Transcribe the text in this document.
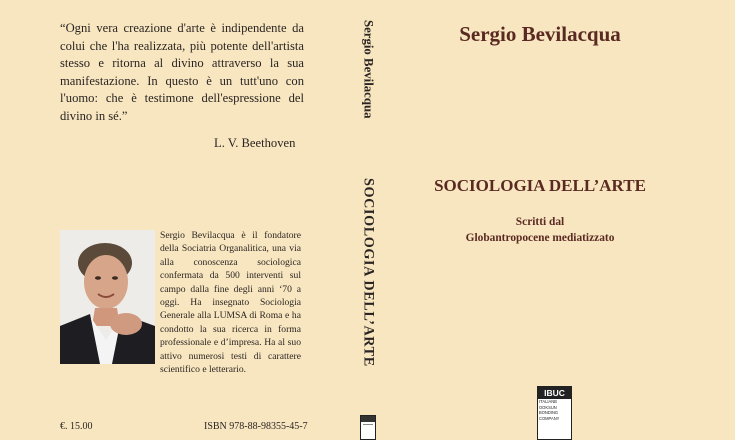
“Ogni vera creazione d'arte è indipendente da colui che l'ha realizzata, più potente dell'artista stesso e ritorna al divino attraverso la sua manifestazione. In questo è un tutt'uno con l'uomo: che è testimone dell'espressione del divino in sé.”
L. V. Beethoven
Sergio Bevilacqua è il fondatore della Sociatria Organalitica, una via alla conoscenza sociologica confermata da 500 interventi sul campo dalla fine degli anni ‘70 a oggi. Ha insegnato Sociologia Generale alla LUMSA di Roma e ha condotto la sua ricerca in forma professionale e d’impresa. Ha al suo attivo numerosi testi di carattere scientifico e letterario.
€. 15.00	ISBN 978-88-98355-45-7
Sergio Bevilacqua
SOCIOLOGIA DELL’ARTE
Sergio Bevilacqua
SOCIOLOGIA DELL’ARTE
Scritti dal
Globantropocene mediatizzato
IBUC
ITALIANB
OOKSUN
BONDING
COMPANY
